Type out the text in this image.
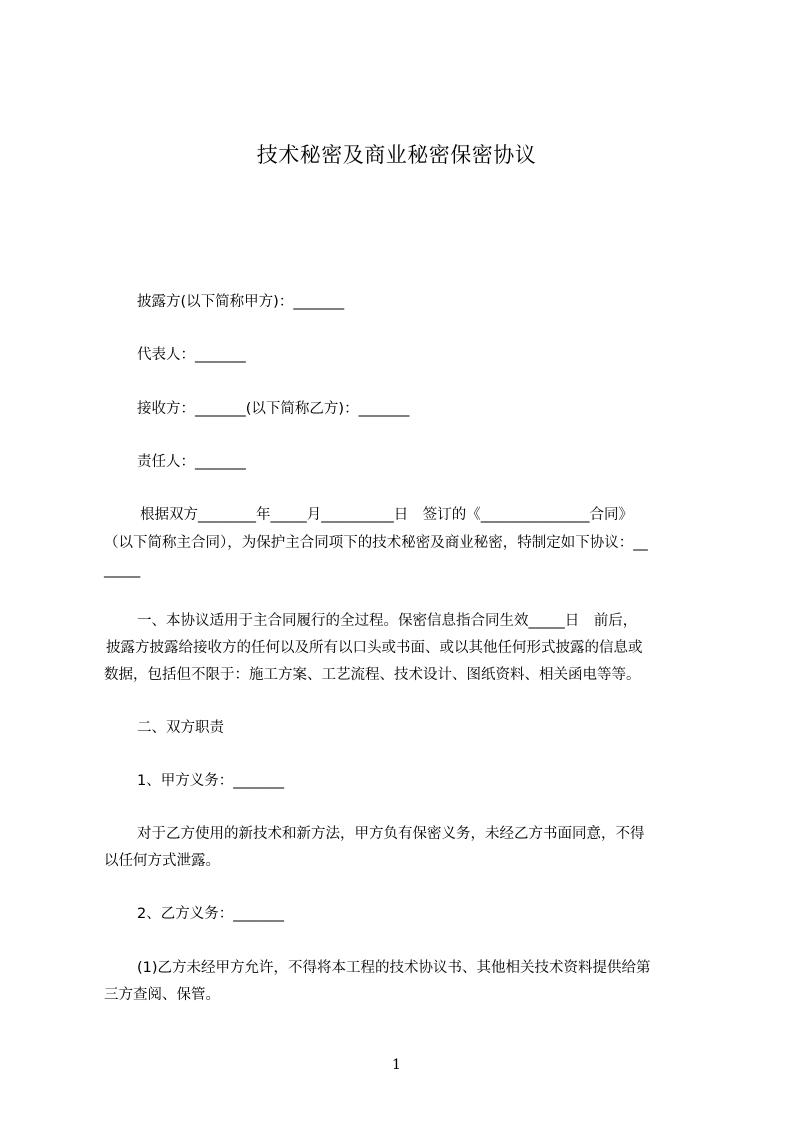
技术秘密及商业秘密保密协议
披露方(以下简称甲方)：_______
代表人：_______
接收方：_______(以下简称乙方)：_______
责任人：_______
根据双方________年_____月__________日　签订的《_______________合同》
（以下简称主合同），为保护主合同项下的技术秘密及商业秘密，特制定如下协议：__
_____
一、本协议适用于主合同履行的全过程。保密信息指合同生效_____日　前后，
披露方披露给接收方的任何以及所有以口头或书面、或以其他任何形式披露的信息或
数据，包括但不限于：施工方案、工艺流程、技术设计、图纸资料、相关函电等等。
二、双方职责
1、甲方义务：_______
对于乙方使用的新技术和新方法，甲方负有保密义务，未经乙方书面同意，不得
以任何方式泄露。
2、乙方义务：_______
(1)乙方未经甲方允许，不得将本工程的技术协议书、其他相关技术资料提供给第
三方查阅、保管。
1
